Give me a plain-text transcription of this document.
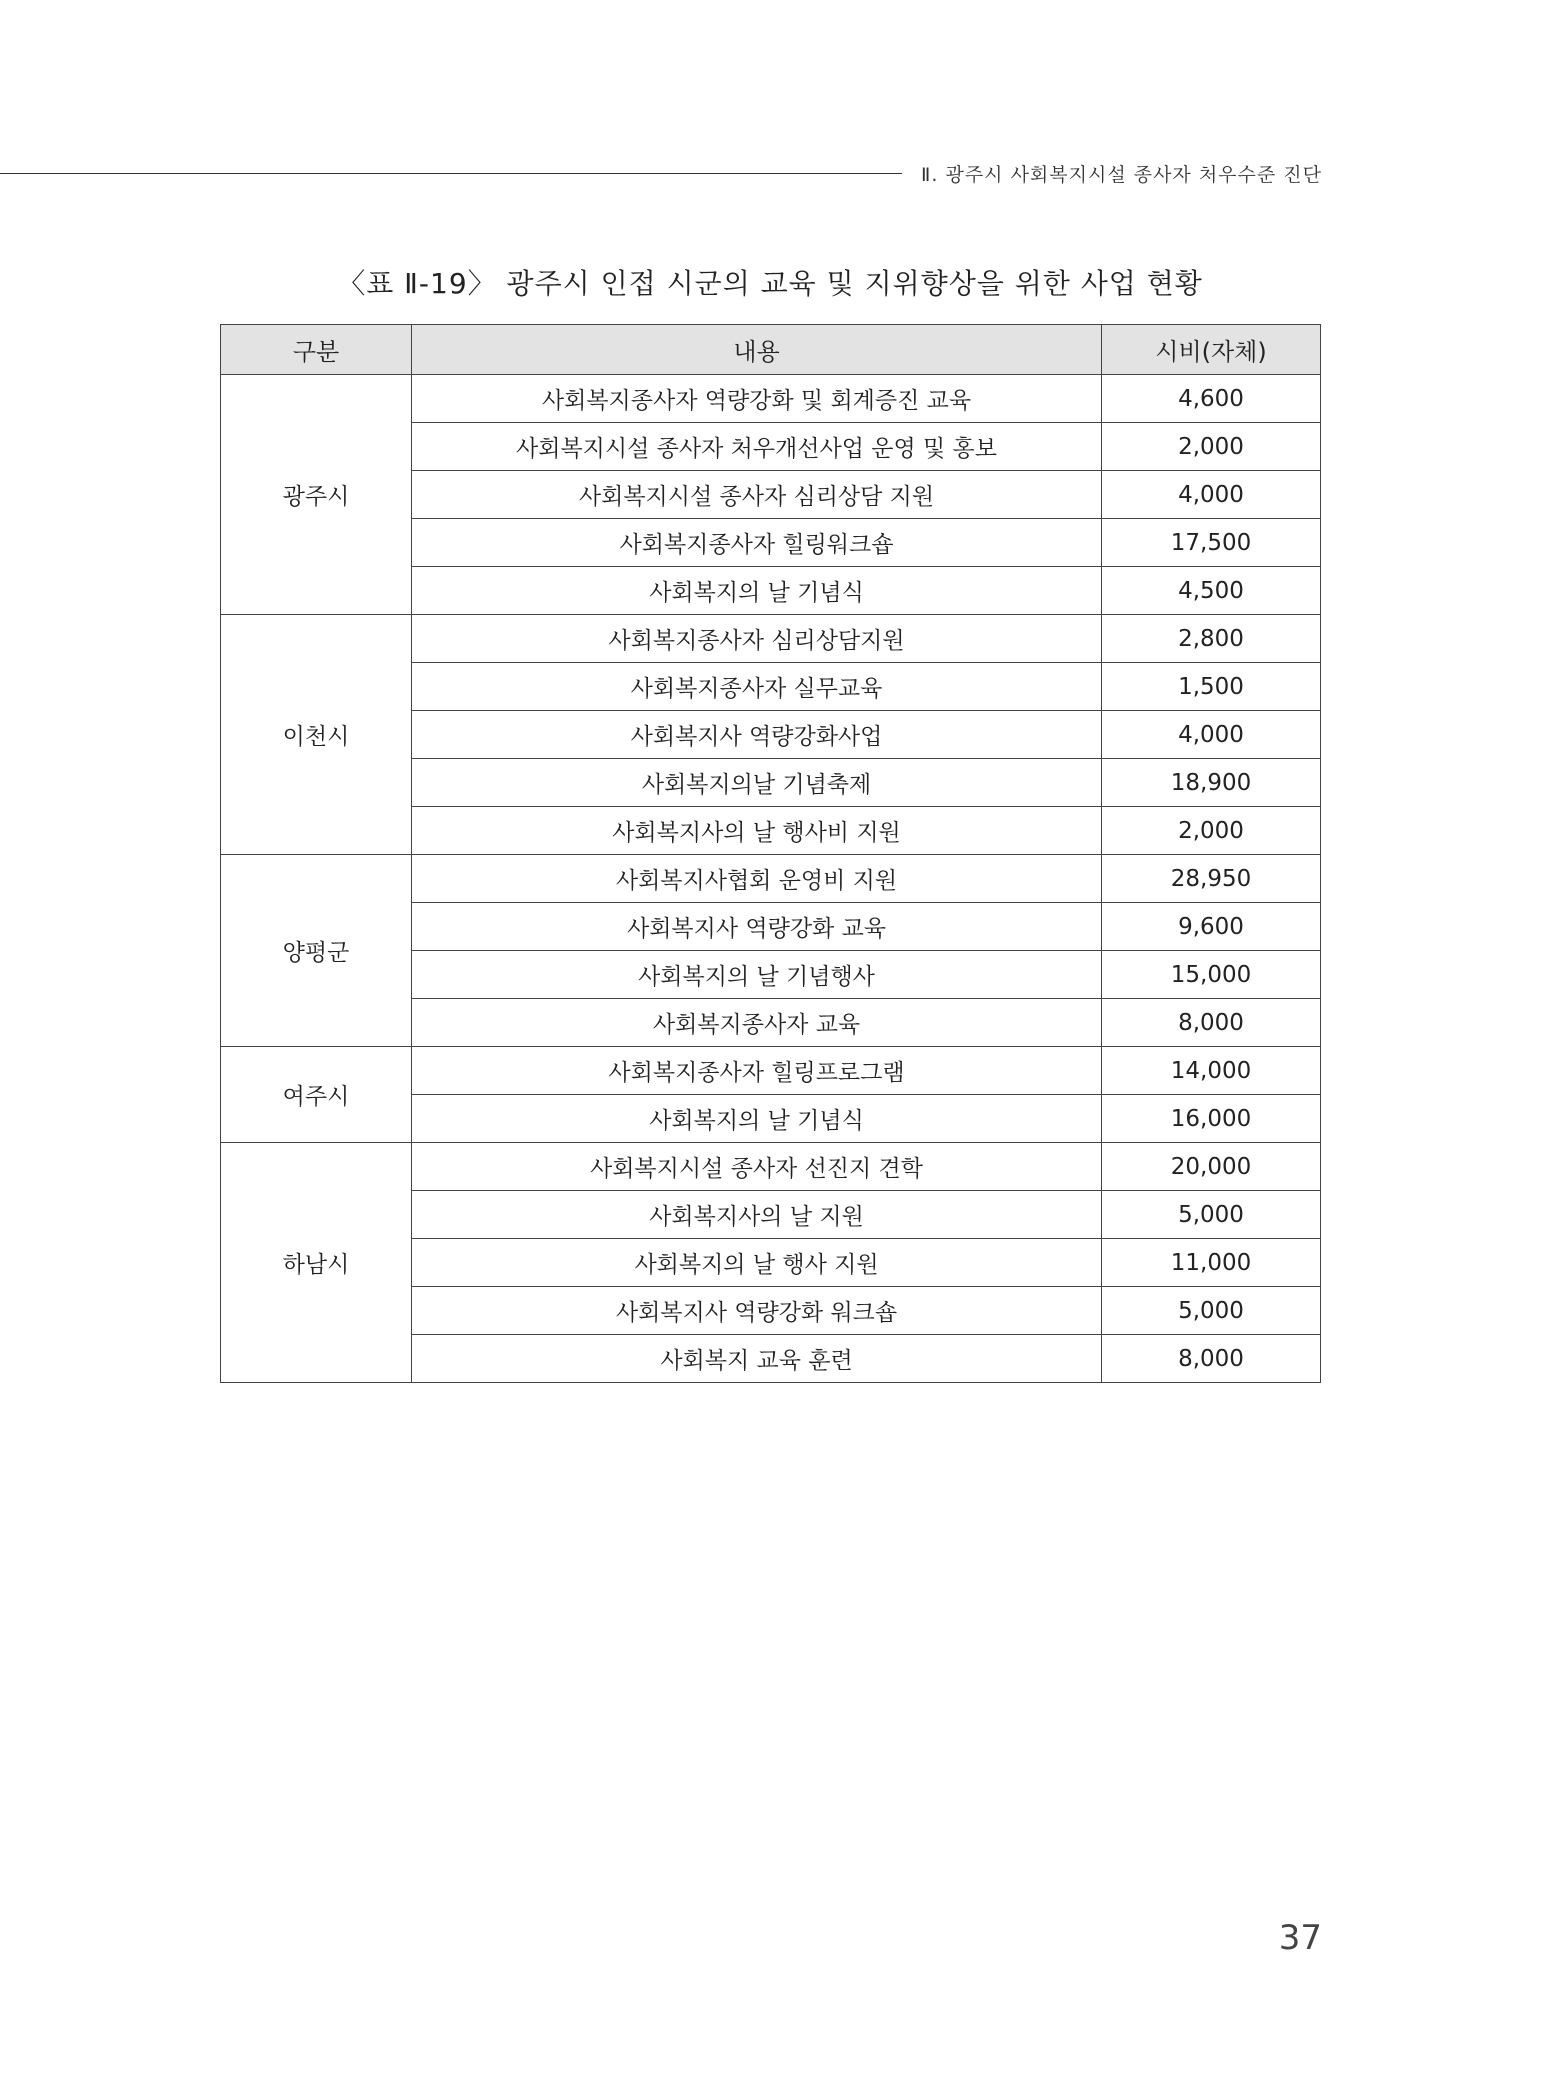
Ⅱ. 광주시 사회복지시설 종사자 처우수준 진단
〈표 Ⅱ-19〉 광주시 인접 시군의 교육 및 지위향상을 위한 사업 현황
구분	내용	시비(자체)
광주시	사회복지종사자 역량강화 및 회계증진 교육	4,600
	사회복지시설 종사자 처우개선사업 운영 및 홍보	2,000
	사회복지시설 종사자 심리상담 지원	4,000
	사회복지종사자 힐링워크숍	17,500
	사회복지의 날 기념식	4,500
이천시	사회복지종사자 심리상담지원	2,800
	사회복지종사자 실무교육	1,500
	사회복지사 역량강화사업	4,000
	사회복지의날 기념축제	18,900
	사회복지사의 날 행사비 지원	2,000
양평군	사회복지사협회 운영비 지원	28,950
	사회복지사 역량강화 교육	9,600
	사회복지의 날 기념행사	15,000
	사회복지종사자 교육	8,000
여주시	사회복지종사자 힐링프로그램	14,000
	사회복지의 날 기념식	16,000
하남시	사회복지시설 종사자 선진지 견학	20,000
	사회복지사의 날 지원	5,000
	사회복지의 날 행사 지원	11,000
	사회복지사 역량강화 워크숍	5,000
	사회복지 교육 훈련	8,000
37
